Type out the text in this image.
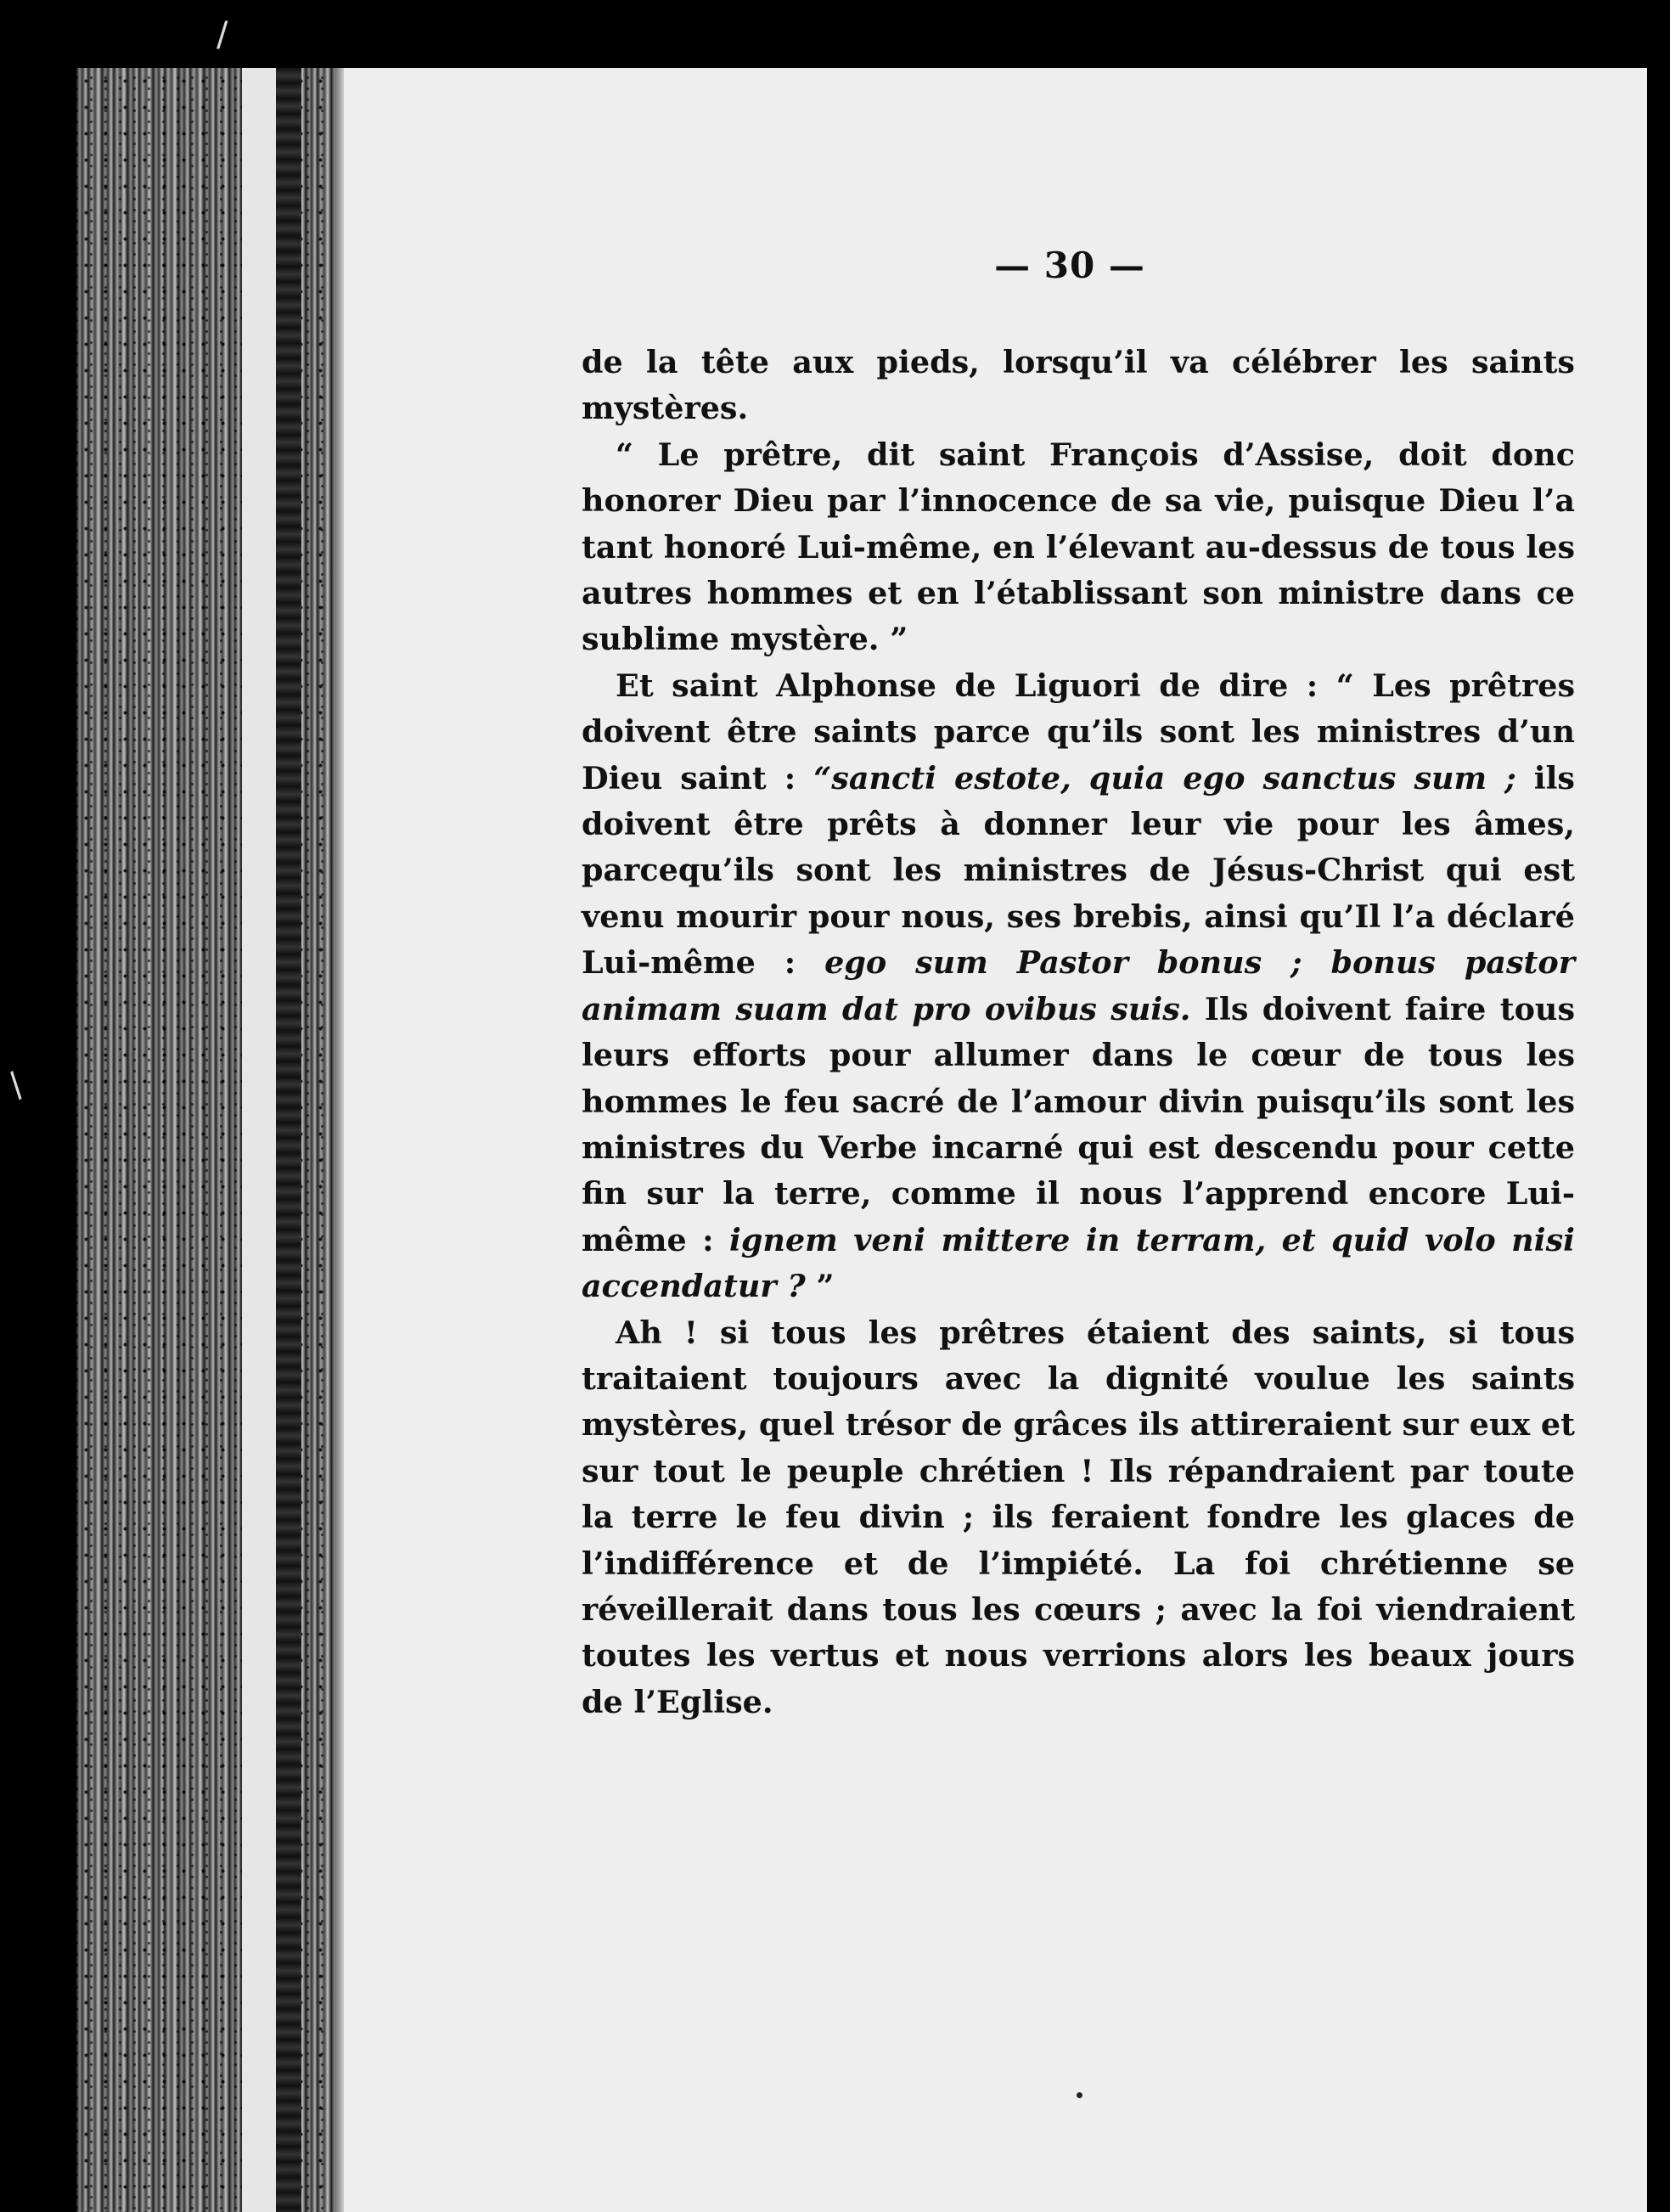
/
/
— 30 —

de la tête aux pieds, lorsqu’il va célébrer les saints mystères.

“ Le prêtre, dit saint François d’Assise, doit donc honorer Dieu par l’innocence de sa vie, puisque Dieu l’a tant honoré Lui-même, en l’élevant au-dessus de tous les autres hommes et en l’établissant son ministre dans ce sublime mystère. ”

Et saint Alphonse de Liguori de dire : “ Les prêtres doivent être saints parce qu’ils sont les ministres d’un Dieu saint : “sancti estote, quia ego sanctus sum ; ils doivent être prêts à donner leur vie pour les âmes, parcequ’ils sont les ministres de Jésus-Christ qui est venu mourir pour nous, ses brebis, ainsi qu’Il l’a déclaré Lui-même : ego sum Pastor bonus ; bonus pastor animam suam dat pro ovibus suis. Ils doivent faire tous leurs efforts pour allumer dans le cœur de tous les hommes le feu sacré de l’amour divin puisqu’ils sont les ministres du Verbe incarné qui est descendu pour cette fin sur la terre, comme il nous l’apprend encore Lui-même : ignem veni mittere in terram, et quid volo nisi accendatur ? ”

Ah ! si tous les prêtres étaient des saints, si tous traitaient toujours avec la dignité voulue les saints mystères, quel trésor de grâces ils attireraient sur eux et sur tout le peuple chrétien ! Ils répandraient par toute la terre le feu divin ; ils feraient fondre les glaces de l’indifférence et de l’impiété. La foi chrétienne se réveillerait dans tous les cœurs ; avec la foi viendraient toutes les vertus et nous verrions alors les beaux jours de l’Eglise.
